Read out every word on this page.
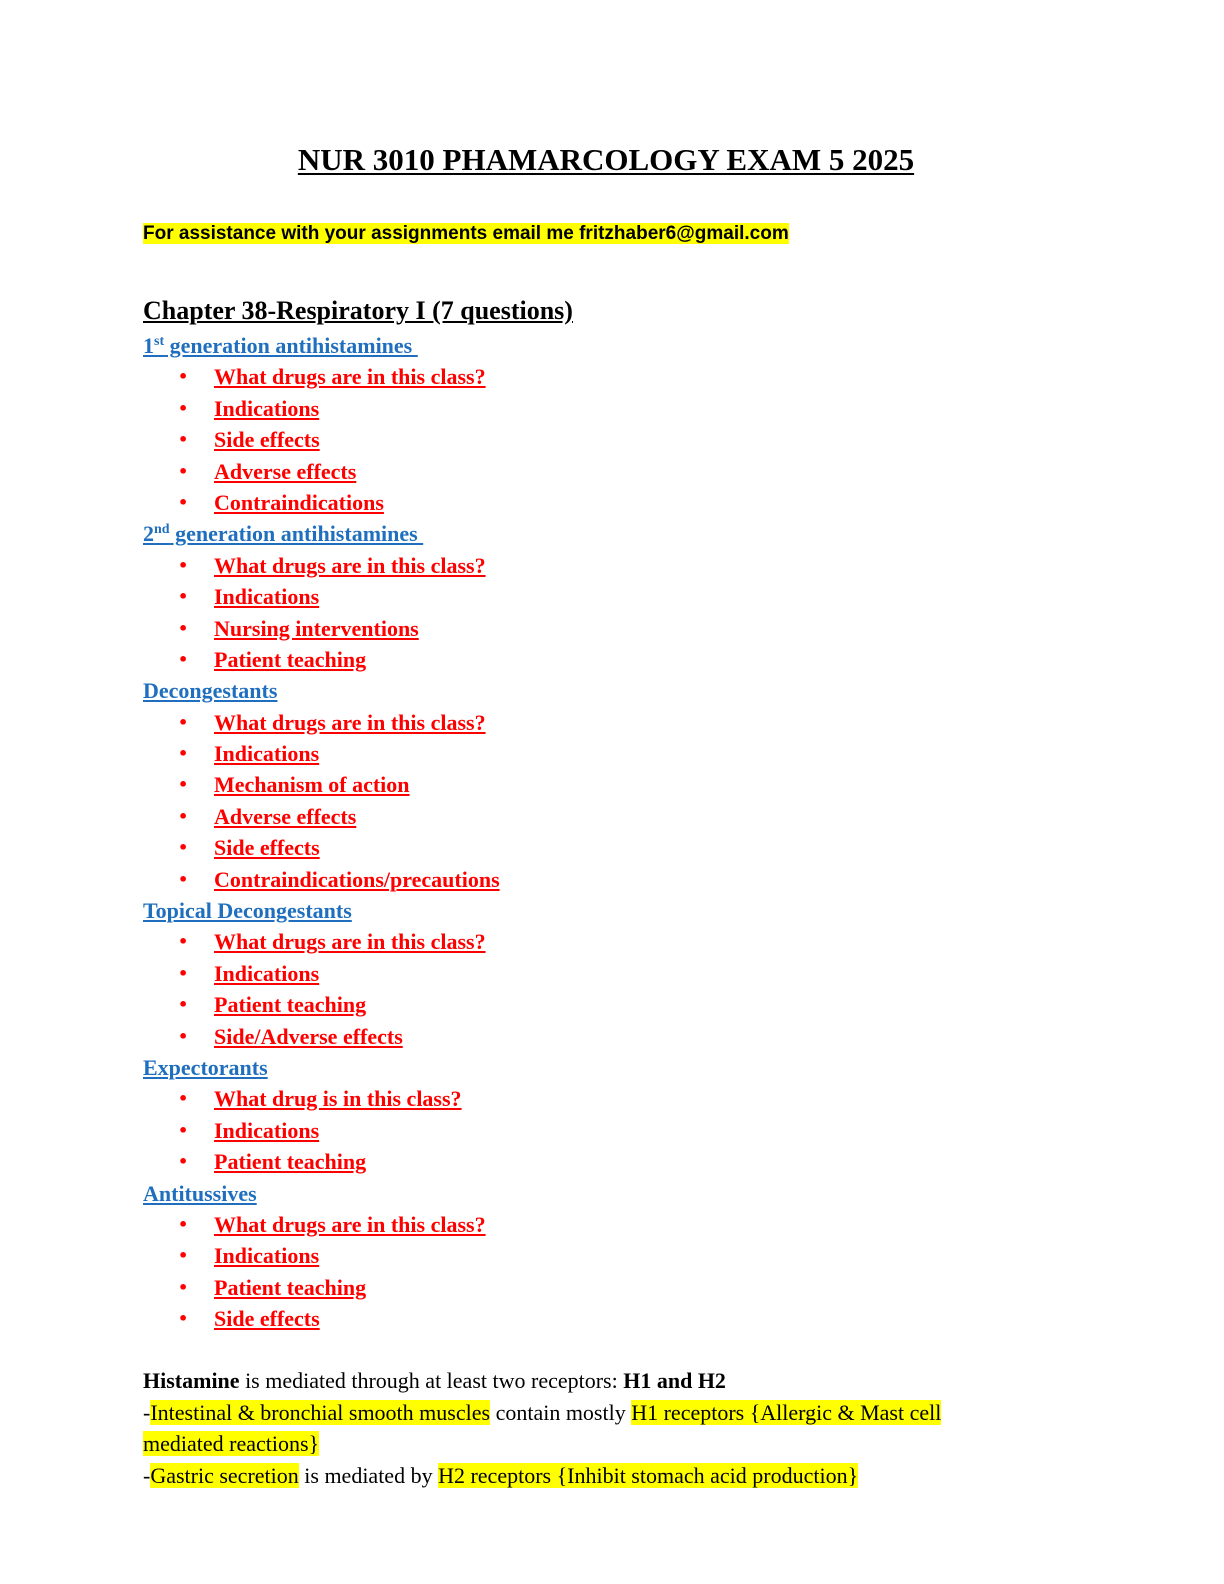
NUR 3010 PHAMARCOLOGY EXAM 5 2025
For assistance with your assignments email me fritzhaber6@gmail.com
Chapter 38-Respiratory I (7 questions)
1st generation antihistamines
• What drugs are in this class?
• Indications
• Side effects
• Adverse effects
• Contraindications
2nd generation antihistamines
• What drugs are in this class?
• Indications
• Nursing interventions
• Patient teaching
Decongestants
• What drugs are in this class?
• Indications
• Mechanism of action
• Adverse effects
• Side effects
• Contraindications/precautions
Topical Decongestants
• What drugs are in this class?
• Indications
• Patient teaching
• Side/Adverse effects
Expectorants
• What drug is in this class?
• Indications
• Patient teaching
Antitussives
• What drugs are in this class?
• Indications
• Patient teaching
• Side effects
Histamine is mediated through at least two receptors: H1 and H2
-Intestinal & bronchial smooth muscles contain mostly H1 receptors {Allergic & Mast cell
mediated reactions}
-Gastric secretion is mediated by H2 receptors {Inhibit stomach acid production}
